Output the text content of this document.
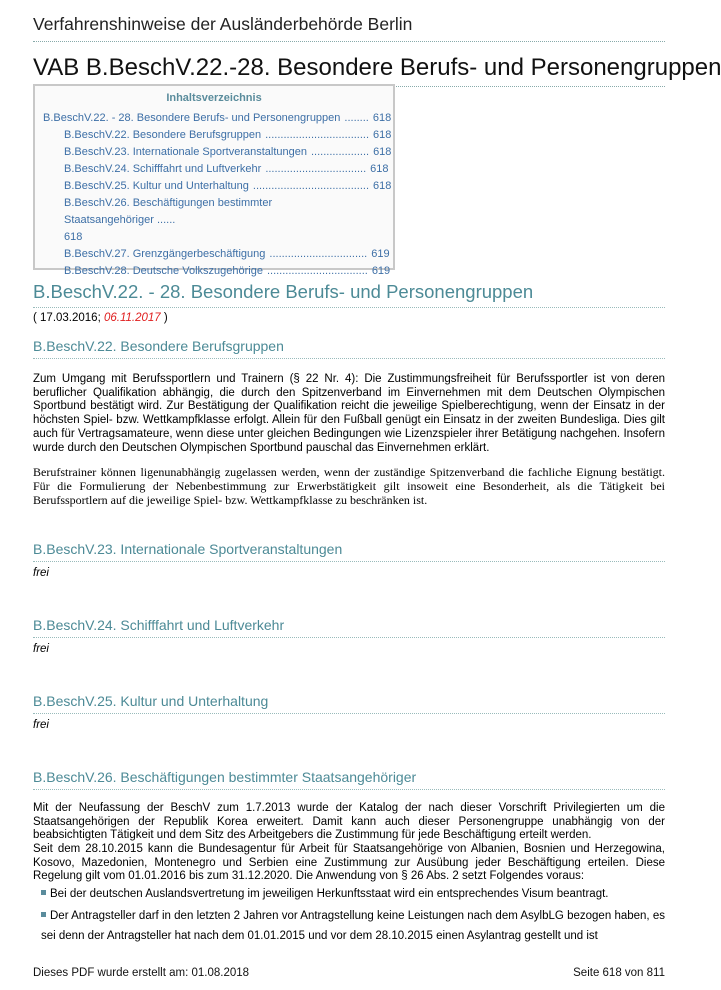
Verfahrenshinweise der Ausländerbehörde Berlin
VAB B.BeschV.22.-28. Besondere Berufs- und Personengruppen
Inhaltsverzeichnis
B.BeschV.22. - 28. Besondere Berufs- und Personengruppen ........ 618
B.BeschV.22. Besondere Berufsgruppen .................................. 618
B.BeschV.23. Internationale Sportveranstaltungen ................... 618
B.BeschV.24. Schifffahrt und Luftverkehr ................................. 618
B.BeschV.25. Kultur und Unterhaltung ...................................... 618
B.BeschV.26. Beschäftigungen bestimmter Staatsangehöriger ......
618
B.BeschV.27. Grenzgängerbeschäftigung ................................ 619
B.BeschV.28. Deutsche Volkszugehörige ................................. 619
B.BeschV.22. - 28. Besondere Berufs- und Personengruppen
( 17.03.2016; 06.11.2017 )
B.BeschV.22. Besondere Berufsgruppen
Zum Umgang mit Berufssportlern und Trainern (§ 22 Nr. 4): Die Zustimmungsfreiheit für Berufssportler ist von deren beruflicher Qualifikation abhängig, die durch den Spitzenverband im Einvernehmen mit dem Deutschen Olympischen Sportbund bestätigt wird. Zur Bestätigung der Qualifikation reicht die jeweilige Spielberechtigung, wenn der Einsatz in der höchsten Spiel- bzw. Wettkampfklasse erfolgt. Allein für den Fußball genügt ein Einsatz in der zweiten Bundesliga. Dies gilt auch für Vertragsamateure, wenn diese unter gleichen Bedingungen wie Lizenzspieler ihrer Betätigung nachgehen. Insofern wurde durch den Deutschen Olympischen Sportbund pauschal das Einvernehmen erklärt.
Berufstrainer können ligenunabhängig zugelassen werden, wenn der zuständige Spitzenverband die fachliche Eignung bestätigt. Für die Formulierung der Nebenbestimmung zur Erwerbstätigkeit gilt insoweit eine Besonderheit, als die Tätigkeit bei Berufssportlern auf die jeweilige Spiel- bzw. Wettkampfklasse zu beschränken ist.
B.BeschV.23. Internationale Sportveranstaltungen
frei
B.BeschV.24. Schifffahrt und Luftverkehr
frei
B.BeschV.25. Kultur und Unterhaltung
frei
B.BeschV.26. Beschäftigungen bestimmter Staatsangehöriger
Mit der Neufassung der BeschV zum 1.7.2013 wurde der Katalog der nach dieser Vorschrift Privilegierten um die Staatsangehörigen der Republik Korea erweitert. Damit kann auch dieser Personengruppe unabhängig von der beabsichtigten Tätigkeit und dem Sitz des Arbeitgebers die Zustimmung für jede Beschäftigung erteilt werden.
Seit dem 28.10.2015 kann die Bundesagentur für Arbeit für Staatsangehörige von Albanien, Bosnien und Herzegowina, Kosovo, Mazedonien, Montenegro und Serbien eine Zustimmung zur Ausübung jeder Beschäftigung erteilen. Diese Regelung gilt vom 01.01.2016 bis zum 31.12.2020. Die Anwendung von § 26 Abs. 2 setzt Folgendes voraus:
Bei der deutschen Auslandsvertretung im jeweiligen Herkunftsstaat wird ein entsprechendes Visum beantragt.
Der Antragsteller darf in den letzten 2 Jahren vor Antragstellung keine Leistungen nach dem AsylbLG bezogen haben, es sei denn der Antragsteller hat nach dem 01.01.2015 und vor dem 28.10.2015 einen Asylantrag gestellt und ist
Dieses PDF wurde erstellt am: 01.08.2018	Seite 618 von 811
